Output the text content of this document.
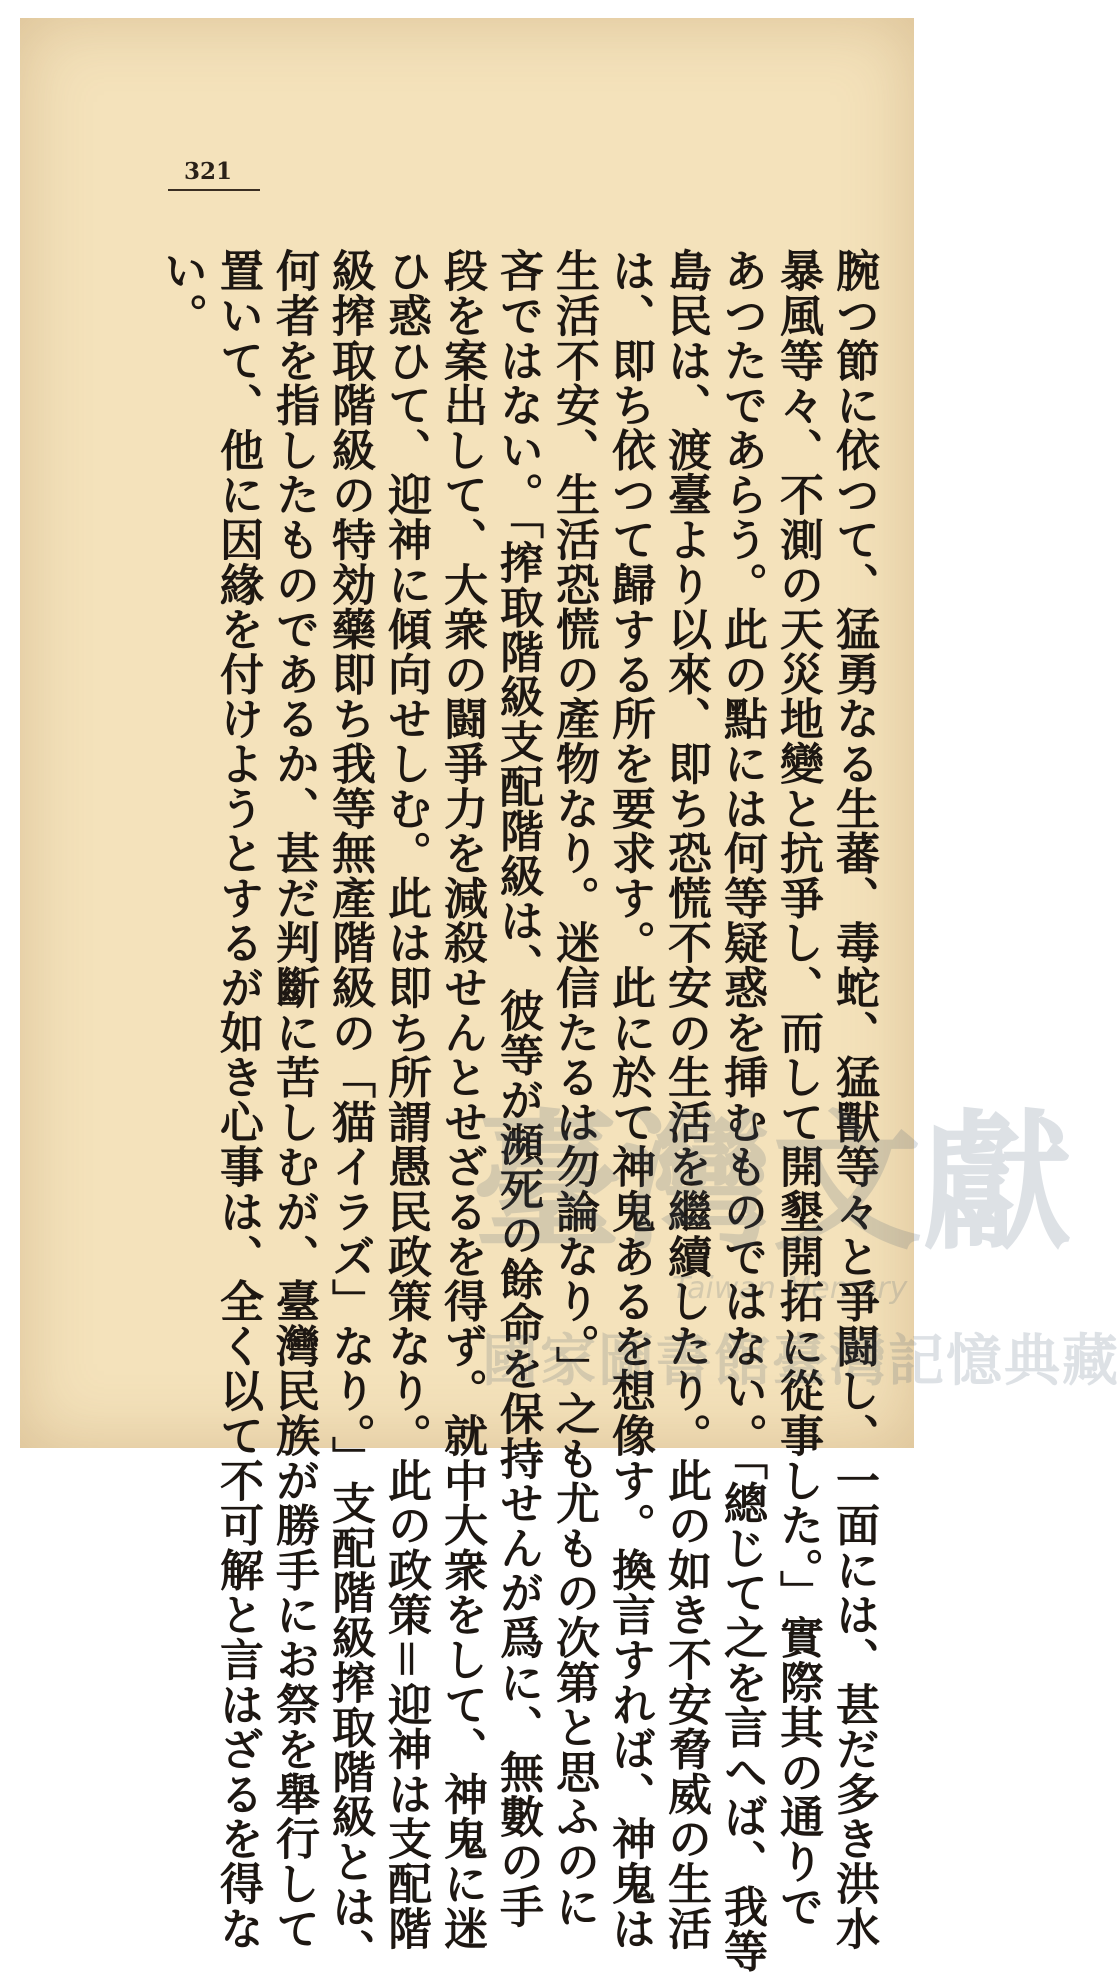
321
腕つ節に依つて、猛勇なる生蕃、毒蛇、猛獸等々と爭闘し、一面には、甚だ多き洪水
暴風等々、不測の天災地變と抗爭し、而して開墾開拓に從事した。」實際其の通りで
あつたであらう。此の點には何等疑惑を挿むものではない。「總じて之を言へば、我等
島民は、渡臺より以來、即ち恐慌不安の生活を繼續したり。此の如き不安脅威の生活
は、即ち依つて歸する所を要求す。此に於て神鬼あるを想像す。換言すれば、神鬼は
生活不安、生活恐慌の產物なり。迷信たるは勿論なり。」之も尤もの次第と思ふのに
吝ではない。「搾取階級支配階級は、彼等が瀕死の餘命を保持せんが爲に、無數の手
段を案出して、大衆の闘爭力を減殺せんとせざるを得ず。就中大衆をして、神鬼に迷
ひ惑ひて、迎神に傾向せしむ。此は即ち所謂愚民政策なり。此の政策＝迎神は支配階
級搾取階級の特効藥即ち我等無產階級の「猫イラズ」なり。」支配階級搾取階級とは、
何者を指したものであるか、甚だ判斷に苦しむが、臺灣民族が勝手にお祭を舉行して
置いて、他に因緣を付けようとするが如き心事は、全く以て不可解と言はざるを得な
い。
臺灣文獻
Taiwan Memory
國家圖書館臺灣記憶典藏
